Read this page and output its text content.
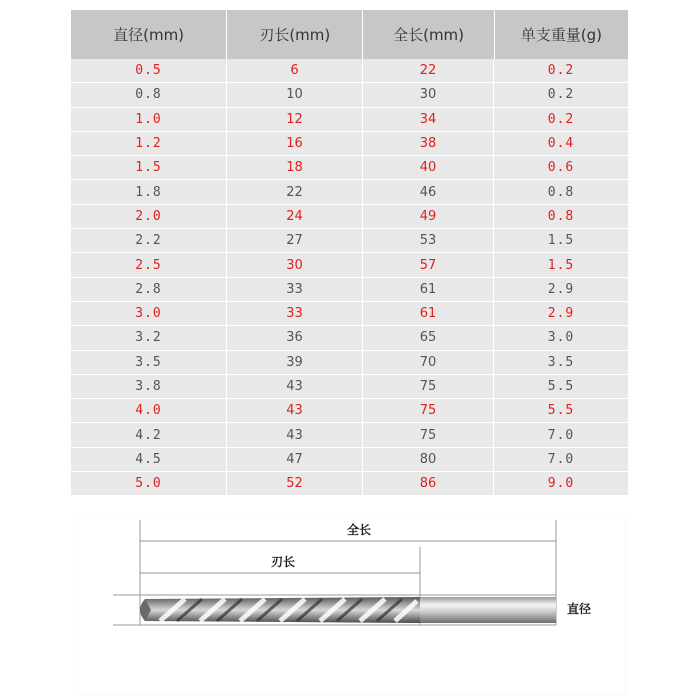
直径(mm)	刃长(mm)	全长(mm)	单支重量(g)
0.5	6	22	0.2
0.8	10	30	0.2
1.0	12	34	0.2
1.2	16	38	0.4
1.5	18	40	0.6
1.8	22	46	0.8
2.0	24	49	0.8
2.2	27	53	1.5
2.5	30	57	1.5
2.8	33	61	2.9
3.0	33	61	2.9
3.2	36	65	3.0
3.5	39	70	3.5
3.8	43	75	5.5
4.0	43	75	5.5
4.2	43	75	7.0
4.5	47	80	7.0
5.0	52	86	9.0
全长
刃长
直径
